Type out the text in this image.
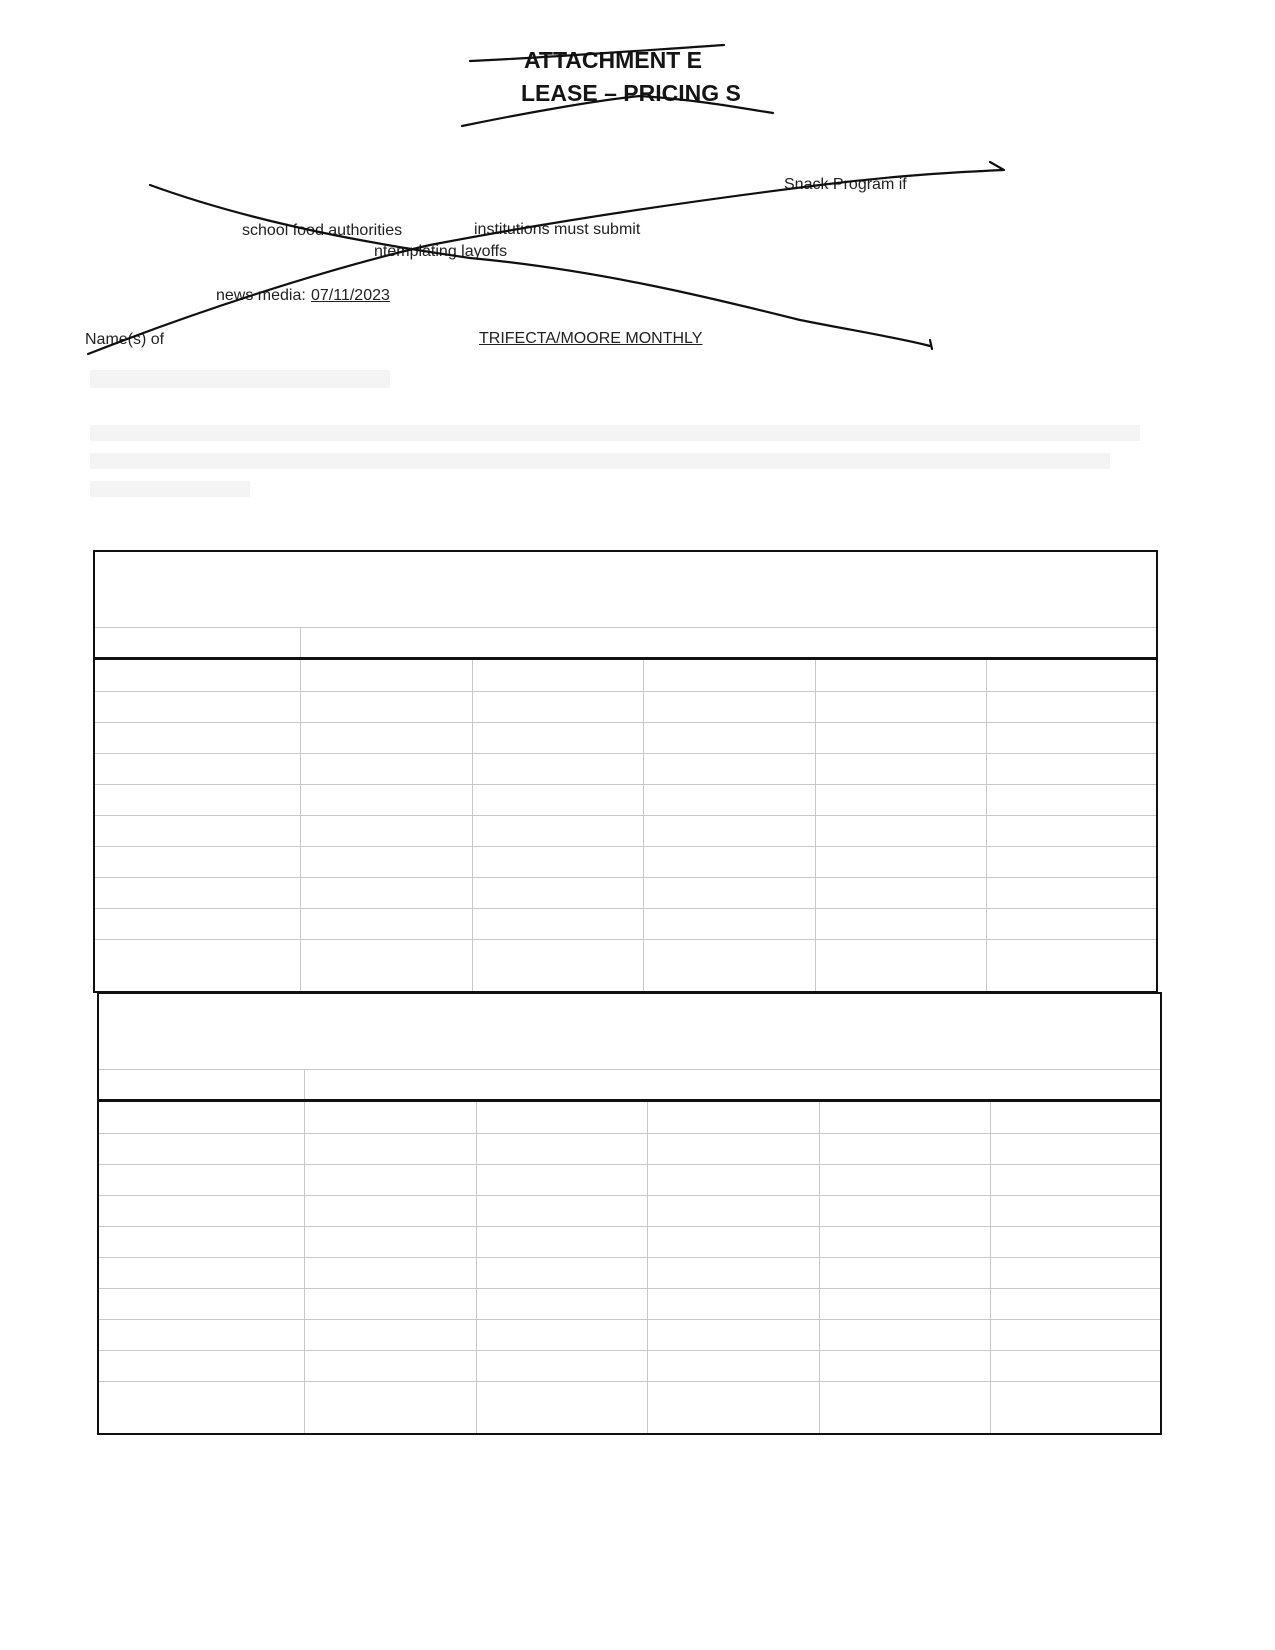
ATTACHMENT E
LEASE – PRICING S
Snack Program if
school food authorities	institutions must submit
ntemplating layoffs
news media: 07/11/2023
Name(s) of	TRIFECTA/MOORE MONTHLY
